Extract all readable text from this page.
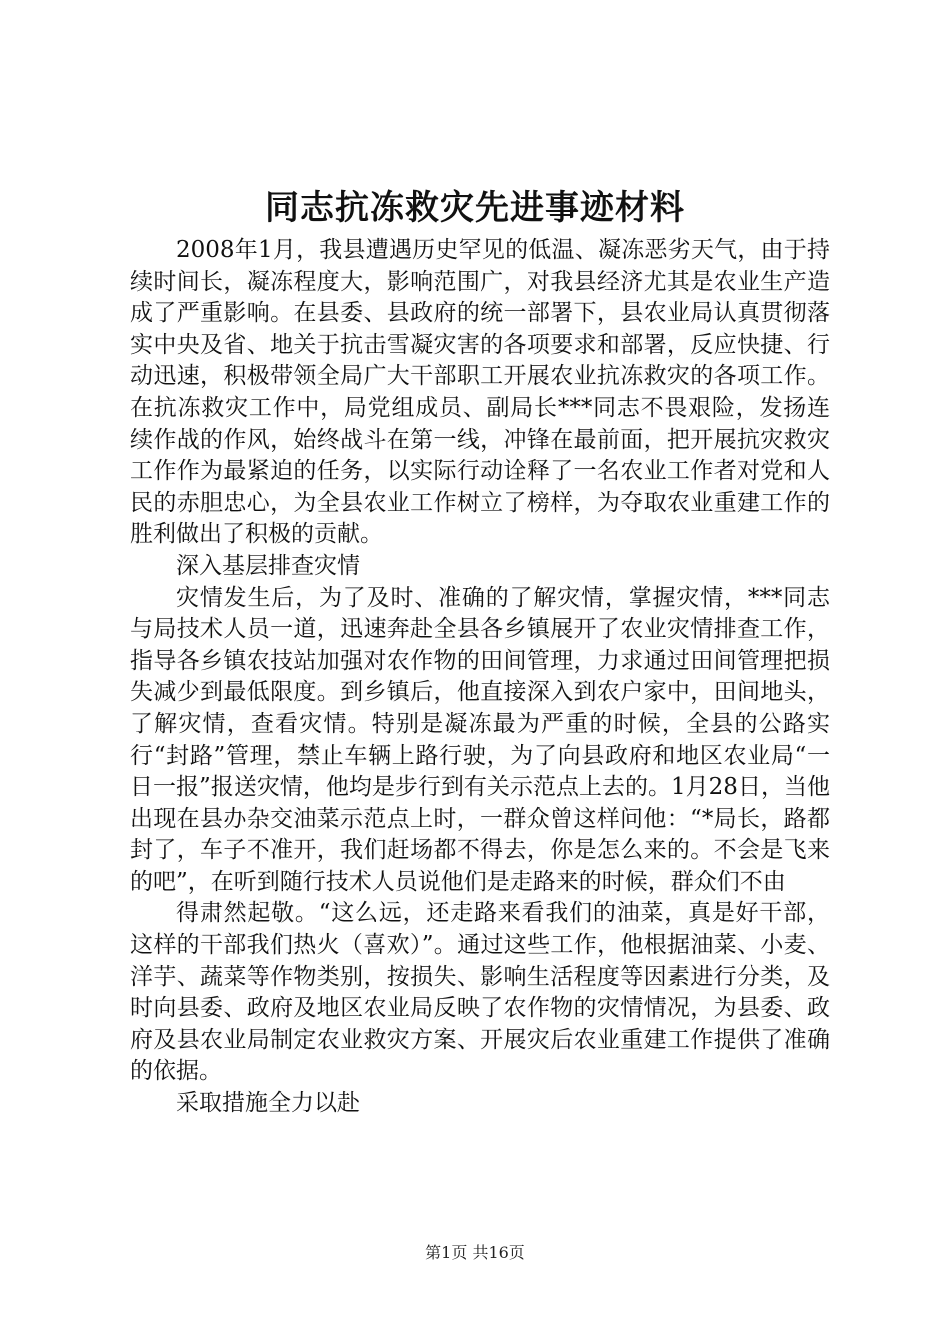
同志抗冻救灾先进事迹材料

2008年1月，我县遭遇历史罕见的低温、凝冻恶劣天气，由于持续时间长，凝冻程度大，影响范围广，对我县经济尤其是农业生产造成了严重影响。在县委、县政府的统一部署下，县农业局认真贯彻落实中央及省、地关于抗击雪凝灾害的各项要求和部署，反应快捷、行动迅速，积极带领全局广大干部职工开展农业抗冻救灾的各项工作。在抗冻救灾工作中，局党组成员、副局长***同志不畏艰险，发扬连续作战的作风，始终战斗在第一线，冲锋在最前面，把开展抗灾救灾工作作为最紧迫的任务，以实际行动诠释了一名农业工作者对党和人民的赤胆忠心，为全县农业工作树立了榜样，为夺取农业重建工作的胜利做出了积极的贡献。

深入基层排查灾情

灾情发生后，为了及时、准确的了解灾情，掌握灾情，***同志与局技术人员一道，迅速奔赴全县各乡镇展开了农业灾情排查工作，指导各乡镇农技站加强对农作物的田间管理，力求通过田间管理把损失减少到最低限度。到乡镇后，他直接深入到农户家中，田间地头，了解灾情，查看灾情。特别是凝冻最为严重的时候，全县的公路实行“封路”管理，禁止车辆上路行驶，为了向县政府和地区农业局“一日一报”报送灾情，他均是步行到有关示范点上去的。1月28日，当他出现在县办杂交油菜示范点上时，一群众曾这样问他：“*局长，路都封了，车子不准开，我们赶场都不得去，你是怎么来的。不会是飞来的吧”，在听到随行技术人员说他们是走路来的时候，群众们不由

得肃然起敬。“这么远，还走路来看我们的油菜，真是好干部，这样的干部我们热火（喜欢）”。通过这些工作，他根据油菜、小麦、洋芋、蔬菜等作物类别，按损失、影响生活程度等因素进行分类，及时向县委、政府及地区农业局反映了农作物的灾情情况，为县委、政府及县农业局制定农业救灾方案、开展灾后农业重建工作提供了准确的依据。

采取措施全力以赴

第1页 共16页
